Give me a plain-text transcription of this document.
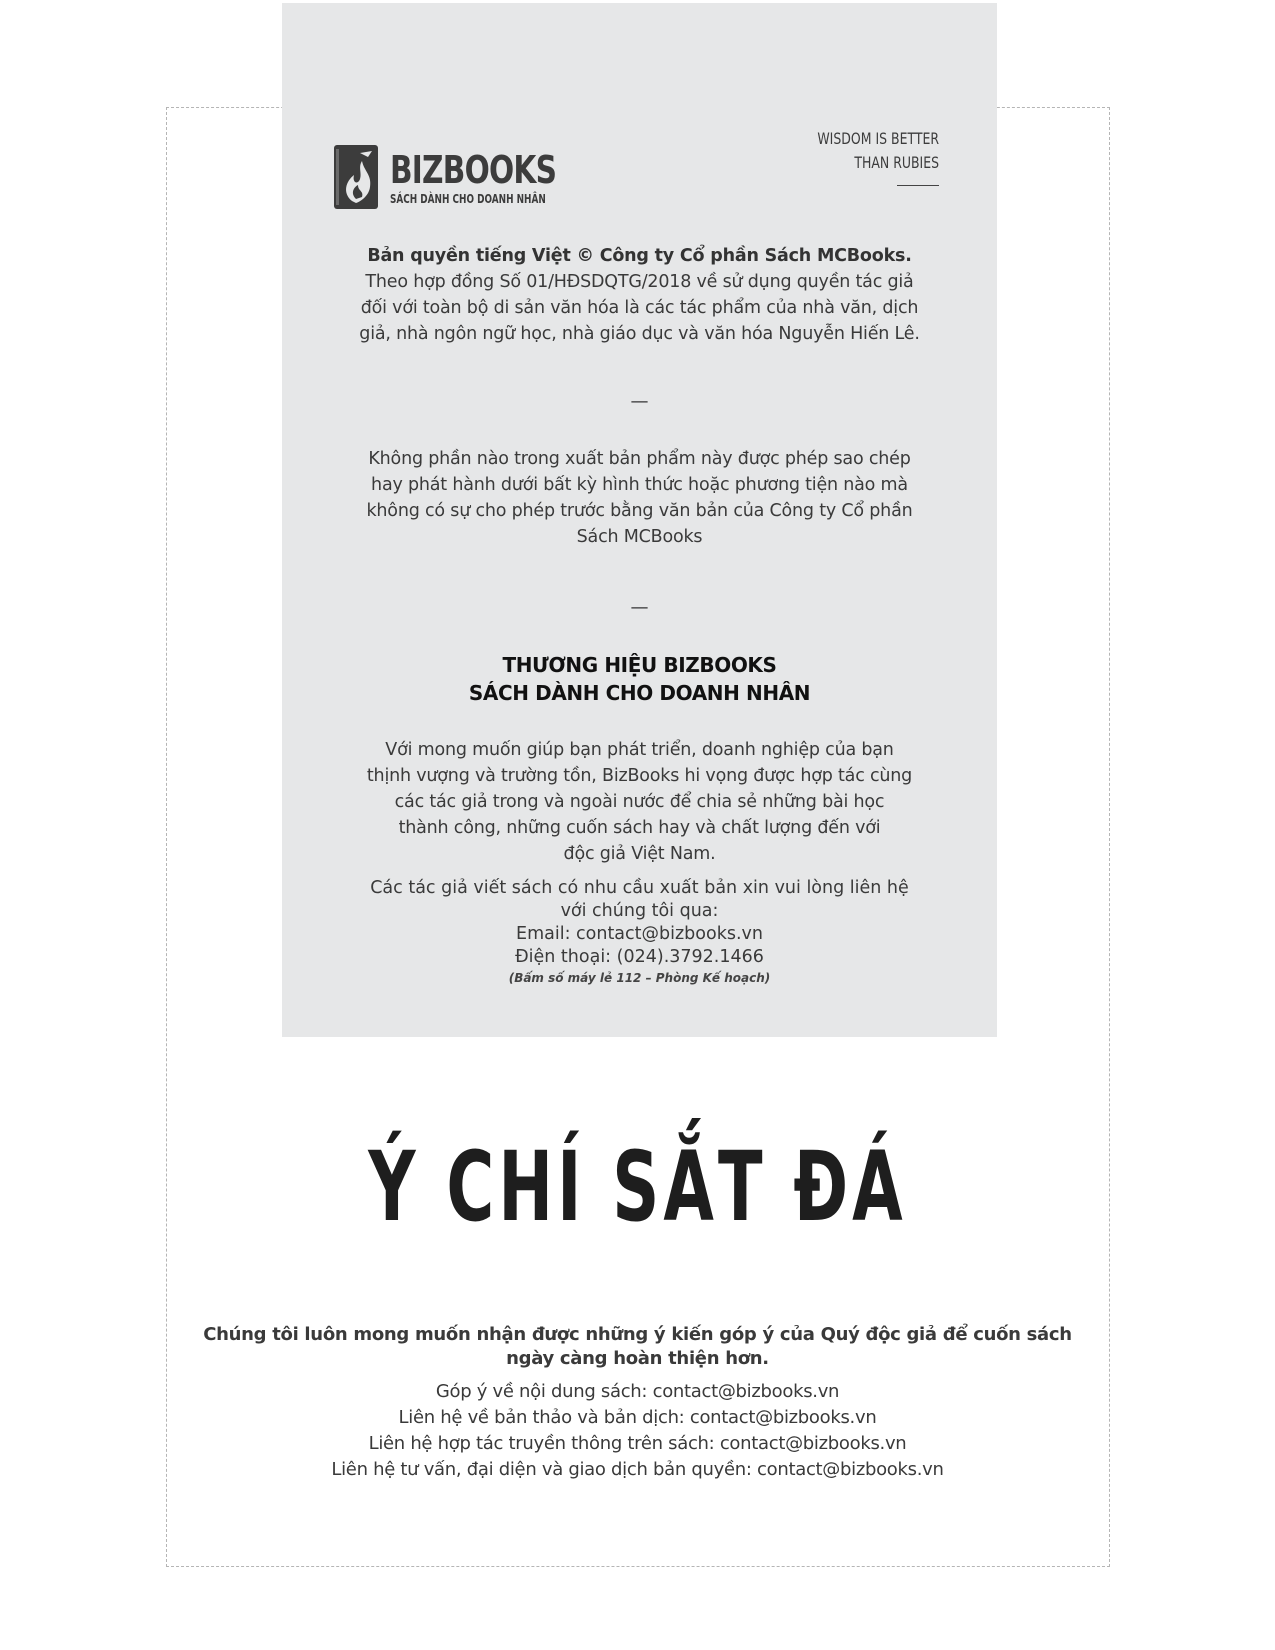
BIZBOOKS
SÁCH DÀNH CHO DOANH NHÂN
WISDOM IS BETTER
THAN RUBIES
Bản quyền tiếng Việt © Công ty Cổ phần Sách MCBooks.
Theo hợp đồng Số 01/HĐSDQTG/2018 về sử dụng quyền tác giả
đối với toàn bộ di sản văn hóa là các tác phẩm của nhà văn, dịch
giả, nhà ngôn ngữ học, nhà giáo dục và văn hóa Nguyễn Hiến Lê.
—
Không phần nào trong xuất bản phẩm này được phép sao chép
hay phát hành dưới bất kỳ hình thức hoặc phương tiện nào mà
không có sự cho phép trước bằng văn bản của Công ty Cổ phần
Sách MCBooks
—
THƯƠNG HIỆU BIZBOOKS
SÁCH DÀNH CHO DOANH NHÂN
Với mong muốn giúp bạn phát triển, doanh nghiệp của bạn
thịnh vượng và trường tồn, BizBooks hi vọng được hợp tác cùng
các tác giả trong và ngoài nước để chia sẻ những bài học
thành công, những cuốn sách hay và chất lượng đến với
độc giả Việt Nam.
Các tác giả viết sách có nhu cầu xuất bản xin vui lòng liên hệ
với chúng tôi qua:
Email: contact@bizbooks.vn
Điện thoại: (024).3792.1466
(Bấm số máy lẻ 112 – Phòng Kế hoạch)
Ý CHÍ SẮT ĐÁ
Chúng tôi luôn mong muốn nhận được những ý kiến góp ý của Quý độc giả để cuốn sách
ngày càng hoàn thiện hơn.
Góp ý về nội dung sách: contact@bizbooks.vn
Liên hệ về bản thảo và bản dịch: contact@bizbooks.vn
Liên hệ hợp tác truyền thông trên sách: contact@bizbooks.vn
Liên hệ tư vấn, đại diện và giao dịch bản quyền: contact@bizbooks.vn
